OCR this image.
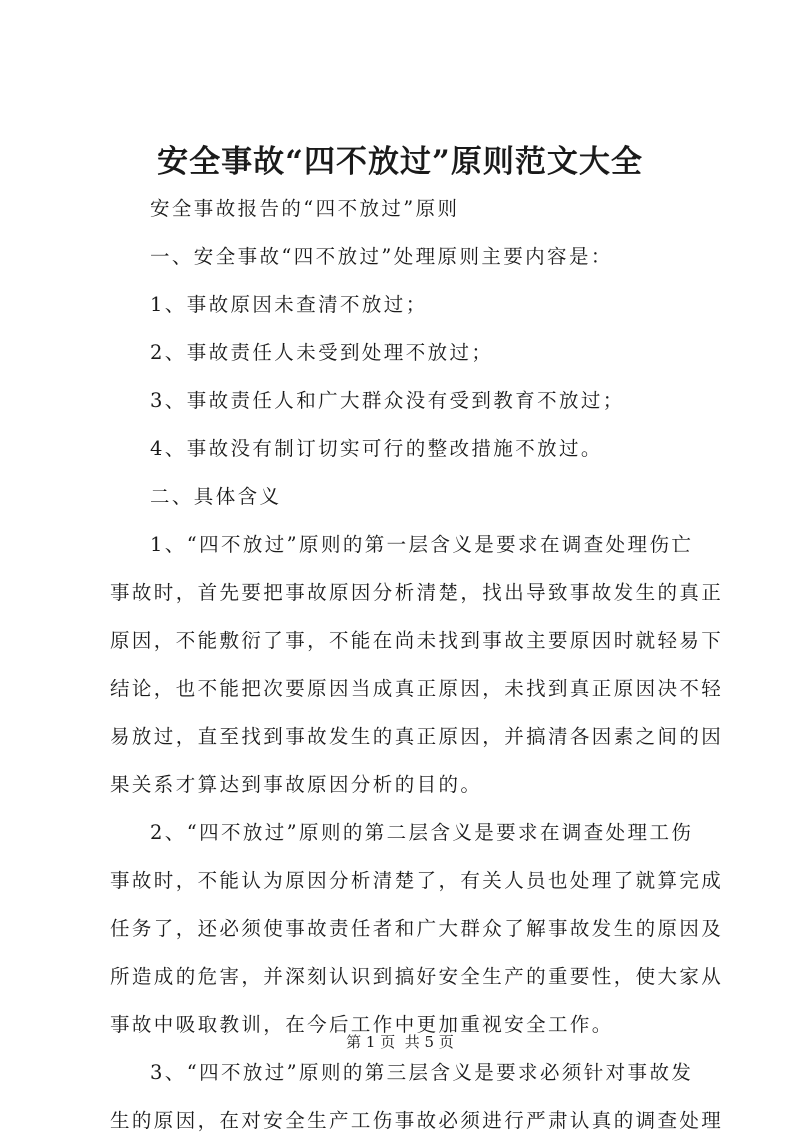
安全事故“四不放过”原则范文大全
安全事故报告的“四不放过”原则
一、安全事故“四不放过”处理原则主要内容是：
1、事故原因未查清不放过；
2、事故责任人未受到处理不放过；
3、事故责任人和广大群众没有受到教育不放过；
4、事故没有制订切实可行的整改措施不放过。
二、具体含义
1、“四不放过”原则的第一层含义是要求在调查处理伤亡
事故时，首先要把事故原因分析清楚，找出导致事故发生的真正
原因，不能敷衍了事，不能在尚未找到事故主要原因时就轻易下
结论，也不能把次要原因当成真正原因，未找到真正原因决不轻
易放过，直至找到事故发生的真正原因，并搞清各因素之间的因
果关系才算达到事故原因分析的目的。
2、“四不放过”原则的第二层含义是要求在调查处理工伤
事故时，不能认为原因分析清楚了，有关人员也处理了就算完成
任务了，还必须使事故责任者和广大群众了解事故发生的原因及
所造成的危害，并深刻认识到搞好安全生产的重要性，使大家从
事故中吸取教训，在今后工作中更加重视安全工作。
3、“四不放过”原则的第三层含义是要求必须针对事故发
生的原因，在对安全生产工伤事故必须进行严肃认真的调查处理
第 1 页  共 5 页
